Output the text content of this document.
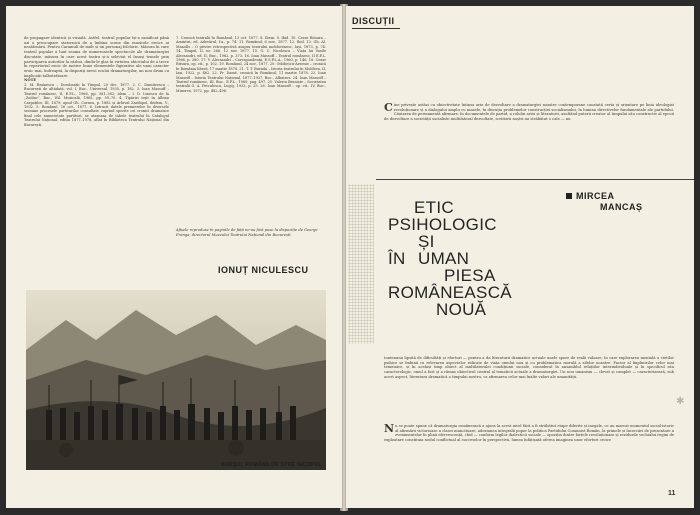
de propagare identică și vizuală. Astfel, teatrul popular își-a ramificat până azi o preocupare statornică de a îmbina scene din muzicele eroice ai neatârnării. Pentru Caramuli de mult și un personaj folcloric. Măsura în care teatrul popular a luat seama de numeroasele spectacole ale dramaturgiei discutate, măsura în care acest teatru și-a selectat el însuși temele prin participarea autorilor la război, dindu-le glas în virtutea obiceiului de a trece în repertoriul eroic de motive bune elementele figurative ale unui caracter eroic mai, îndreaptă, la dispoziți nevoi ecului dramaturgilor, un nou drum cu implicații talbotrătoare.

NOTE

1. M. Eminescu – Dorobanții în Timpul, 20 dec. 1877. 2. C. Dumitrescu – București de altădată, vol. I, Buc., Universul, 1935, p. 182. 3. Ioan Massoff – Teatrul românesc, II, E.P.L., 1966, pp. 381–382; idem – I. D. Ionescu de la „Zodiac”, Buc., Ed. Muzicală, 1965, pp. 59–70. 4. Tipăriri ieșit în Albina Carpaților, III, 1879, apud Gh. Cornea, p. 1882 și Arhival Zarifopol, ibidem, V., 1932. 5. Românul, 16 oct., 1877. 6. Intrucit datele premierelor în diversele sezoane procesele partiturilor consultate cuprind sporite ori cronici dramatice final cele numerotate partituri, se atașeaza de tabele teatrului în Catalogul Teatrului Național, ediția 1877–1978, aflat în Biblioteca Teatrului Național din București.

7. Cronică teatrală în Românul, 13 oct. 1877. 8. Ibem. 9. Ibid. 10. Cezar Ritsura – Amintiri, ed. Adevărul, f.a., p. 74. 11. Românul, 6 nov., 1877. 12. Ibid. 13. Gh. Al. Manolls – O privire retrospectivă asupra teatrului moldovenesc, Iași, 1873, p. 74. 14. Timpul, II, nr. 266, 12 nov. 1877. 15. G. C. Nicolescu – Viața lui Vasile Alecsandri, ed. II, Buc., 1962, p. 373. 16. Ioan Massoff – Teatrul românesc, II E.P.L. 1966, p. 380. 17. V. Alecsandri – Corespondență, E.S.P.L.A., 1960, p. 146. 18. Cezar Ritsura, op. cit., p. 102. 19. Românul, 24 nov., 1877. 20. Odobescu-Arsenie – cronică în România liberă, 17 martie 1878. 21. T. T. Burada – Istoria teatrului în Moldova, II, Iași, 1922, p. 462. 22. Fr. Damé, cronică în Românul, 11 martie 1878. 23. Ioan Massoff – Istoria Teatrului Național, 1877–1937, Buc., Albatros. 24. Ioan Massoff – Teatrul românesc, III, Buc., E.P.L., 1969, pag. 497. 25. Valeriu Braniște – Societatea teatrală G. A. Petculescu, Lugoj, 1933, p. 25. 26. Ioan Massoff – op. cit., IV, Buc., Minerva, 1972, pp. 482–496.
Afișele reproduse în paginile de față ne-au fost puse la dispoziție de George Franga, directorul Muzeului Teatrului Național din București.
IONUȚ NICULESCU
NESCU	MARȘUL ROMÂNILOR SPRE NICOPOL
DISCUȚII
C ine privește astăzi cu obiectivitate întinsa arie de dezvoltare a dramaturgiei noastre contemporane constată certa și orientare pe linia ideologiei revoluționare și a dialogului amplu cu masele, în discuția problemelor construcției socialismului, în lumina directivelor fundamentale ale partidului. Căutarea de permanentă afirmare, în documentele de partid, a rolului artei și literaturii, asultând puterii creator al timpului său constructiv al epocii de dezvoltare a societății socialiste multilateral dezvoltate, scriitorii noștri au străbătut o cale — nu
ETIC
PSIHOLOGIC
ȘI UMAN
ÎN
PIESA
ROMÂNEASCĂ
NOUĂ
MIRCEA
MANCAȘ
tonteauna lipsită de dificultăți și eforturi — pentru a da literaturii dramatice actuale unele spore de reală valoare, în care explorarea mentală a vietilor psihice se îmbină cu relevarea aspectelor ridicate de viața omului nou și cu problematica morală a zilelor noastre. Factor al împlinirilor celor mai temeinice, și în același timp obiect al multilateralei condițiunii sociale, considerat în ansamblul relațiilor interindividuale și în specificul său caracterologic, omul a fost și a rămas obiectivul central al tematicii actuale a dramaturgiei. Un nou umanism — clevat și complet — caracterizează, sub acest aspect, literatura dramatică a timpului nostru, ca afirmarea celor mai înalte valori ale umanității.
✱
N u se poate spune că dramaturgia românească a ajuns la acest nivel fără a fi străbătut etape diferite și inegale, ce au marcat momentul social-istoric al afirmării victorioase a clasei muncitoare, adeziunea integrală popor la politica Partidului Comunist Român, la primele și încercări de prezentare a evenimentelor în plină efervescență, chid — conform legilor dialecticii sociale — opoziția dintre forțele revoluționare și rezidurile vechiului regim de exploatare constituia nodul conflictual al succeselor în perspectivă, lumea înfățișată oferea imaginea unor eforturi croice
11
